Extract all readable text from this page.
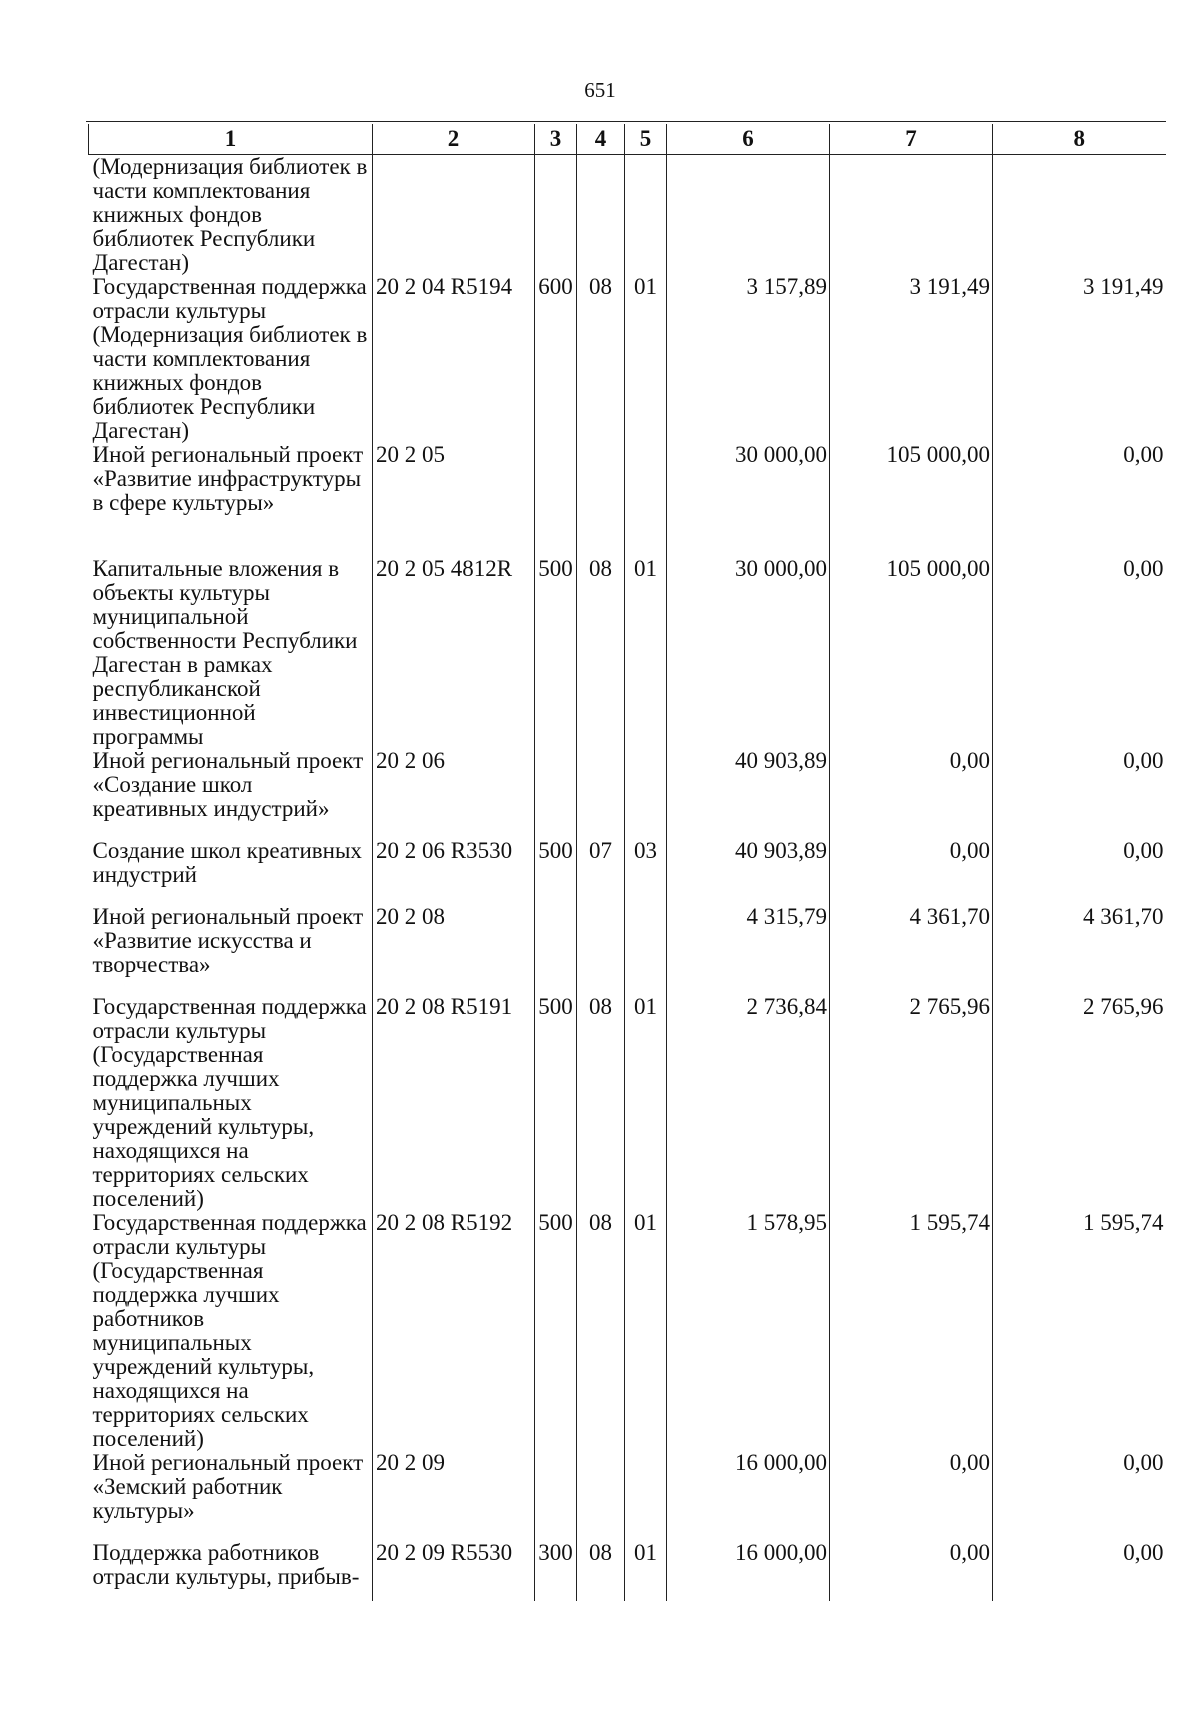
651
1	2	3	4	5	6	7	8
(Модернизация библиотек в части комплектования книжных фондов библиотек Республики Дагестан)							
Государственная поддержка отрасли культуры (Модернизация библиотек в части комплектования книжных фондов библиотек Республики Дагестан)	20 2 04 R5194	600	08	01	3 157,89	3 191,49	3 191,49
Иной региональный проект «Развитие инфраструктуры в сфере культуры»	20 2 05				30 000,00	105 000,00	0,00
Капитальные вложения в объекты культуры муниципальной собственности Республики Дагестан в рамках республиканской инвестиционной программы	20 2 05 4812R	500	08	01	30 000,00	105 000,00	0,00
Иной региональный проект «Создание школ креативных индустрий»	20 2 06				40 903,89	0,00	0,00
Создание школ креативных индустрий	20 2 06 R3530	500	07	03	40 903,89	0,00	0,00
Иной региональный проект «Развитие искусства и творчества»	20 2 08				4 315,79	4 361,70	4 361,70
Государственная поддержка отрасли культуры (Государственная поддержка лучших муниципальных учреждений культуры, находящихся на территориях сельских поселений)	20 2 08 R5191	500	08	01	2 736,84	2 765,96	2 765,96
Государственная поддержка отрасли культуры (Государственная поддержка лучших работников муниципальных учреждений культуры, находящихся на территориях сельских поселений)	20 2 08 R5192	500	08	01	1 578,95	1 595,74	1 595,74
Иной региональный проект «Земский работник культуры»	20 2 09				16 000,00	0,00	0,00
Поддержка работников отрасли культуры, прибыв-	20 2 09 R5530	300	08	01	16 000,00	0,00	0,00
